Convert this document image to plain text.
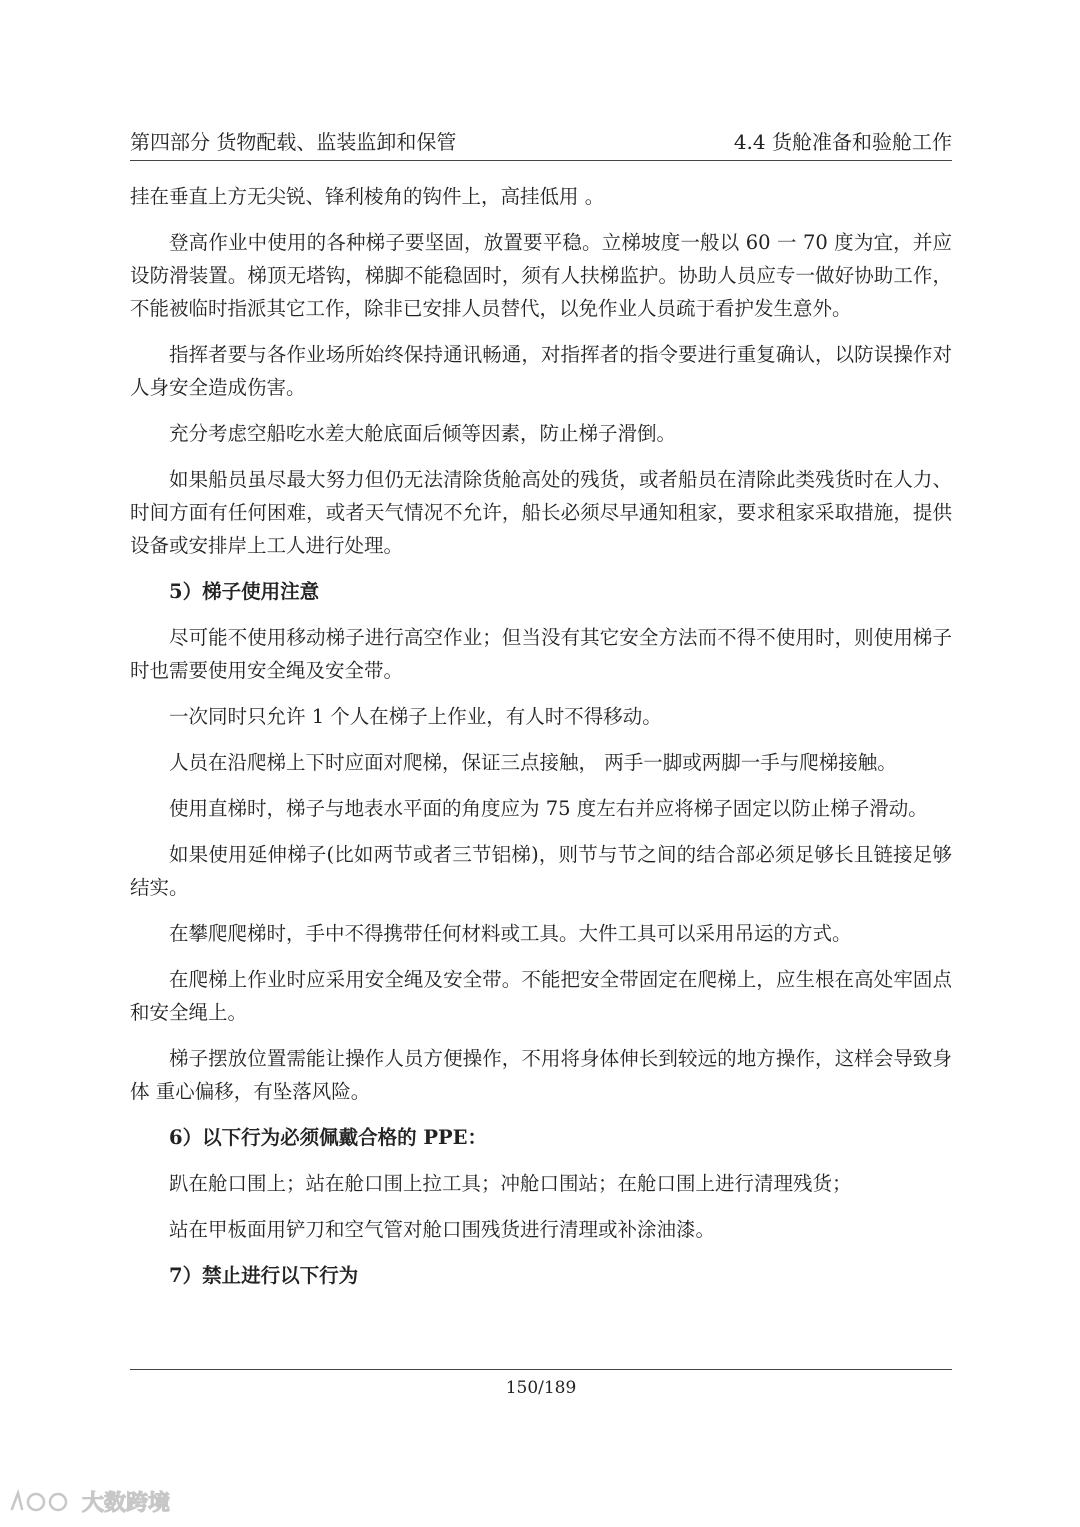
第四部分 货物配载、监装监卸和保管	4.4 货舱准备和验舱工作

挂在垂直上方无尖锐、锋利棱角的钩件上，高挂低用 。

登高作业中使用的各种梯子要坚固，放置要平稳。立梯坡度一般以 60 一 70 度为宜，并应设防滑装置。梯顶无塔钩，梯脚不能稳固时，须有人扶梯监护。协助人员应专一做好协助工作，不能被临时指派其它工作，除非已安排人员替代，以免作业人员疏于看护发生意外。

指挥者要与各作业场所始终保持通讯畅通，对指挥者的指令要进行重复确认，以防误操作对人身安全造成伤害。

充分考虑空船吃水差大舱底面后倾等因素，防止梯子滑倒。

如果船员虽尽最大努力但仍无法清除货舱高处的残货，或者船员在清除此类残货时在人力、时间方面有任何困难，或者天气情况不允许，船长必须尽早通知租家，要求租家采取措施，提供设备或安排岸上工人进行处理。

5）梯子使用注意

尽可能不使用移动梯子进行高空作业；但当没有其它安全方法而不得不使用时，则使用梯子时也需要使用安全绳及安全带。

一次同时只允许 1 个人在梯子上作业，有人时不得移动。

人员在沿爬梯上下时应面对爬梯，保证三点接触， 两手一脚或两脚一手与爬梯接触。

使用直梯时，梯子与地表水平面的角度应为 75 度左右并应将梯子固定以防止梯子滑动。

如果使用延伸梯子(比如两节或者三节铝梯)，则节与节之间的结合部必须足够长且链接足够结实。

在攀爬爬梯时，手中不得携带任何材料或工具。大件工具可以采用吊运的方式。

在爬梯上作业时应采用安全绳及安全带。不能把安全带固定在爬梯上，应生根在高处牢固点和安全绳上。

梯子摆放位置需能让操作人员方便操作，不用将身体伸长到较远的地方操作，这样会导致身体 重心偏移，有坠落风险。

6）以下行为必须佩戴合格的 PPE：

趴在舱口围上；站在舱口围上拉工具；冲舱口围站；在舱口围上进行清理残货；

站在甲板面用铲刀和空气管对舱口围残货进行清理或补涂油漆。

7）禁止进行以下行为
150/189
大数跨境
